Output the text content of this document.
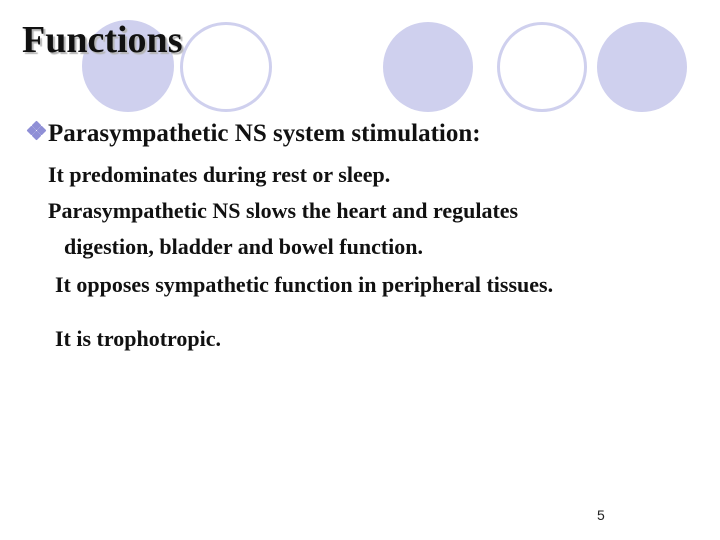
Functions
Parasympathetic NS system stimulation:
It predominates during rest or sleep.
Parasympathetic NS slows the heart and regulates
digestion, bladder and bowel function.
It opposes sympathetic function in peripheral tissues.
It is trophotropic.
5
